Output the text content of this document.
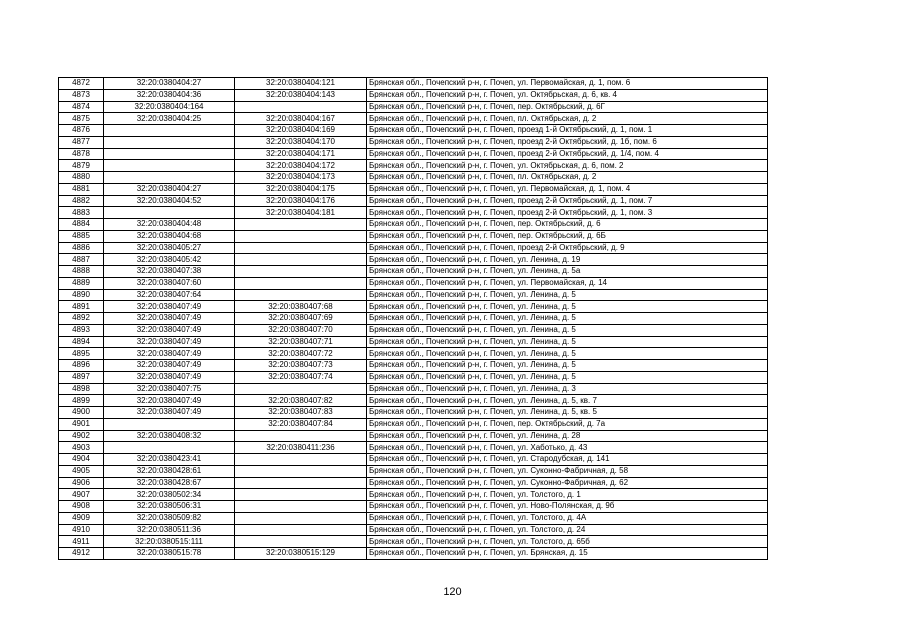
4872	32:20:0380404:27	32:20:0380404:121	Брянская обл., Почепский р-н, г. Почеп, ул. Первомайская, д. 1, пом. 6
4873	32:20:0380404:36	32:20:0380404:143	Брянская обл., Почепский р-н, г. Почеп, ул. Октябрьская, д. 6, кв. 4
4874	32:20:0380404:164		Брянская обл., Почепский р-н, г. Почеп, пер. Октябрьский, д. 6Г
4875	32:20:0380404:25	32:20:0380404:167	Брянская обл., Почепский р-н, г. Почеп, пл. Октябрьская, д. 2
4876		32:20:0380404:169	Брянская обл., Почепский р-н, г. Почеп, проезд 1-й Октябрьский, д. 1, пом. 1
4877		32:20:0380404:170	Брянская обл., Почепский р-н, г. Почеп, проезд 2-й Октябрьский, д. 1б, пом. 6
4878		32:20:0380404:171	Брянская обл., Почепский р-н, г. Почеп, проезд 2-й Октябрьский, д. 1/4, пом. 4
4879		32:20:0380404:172	Брянская обл., Почепский р-н, г. Почеп, ул. Октябрьская, д. 6, пом. 2
4880		32:20:0380404:173	Брянская обл., Почепский р-н, г. Почеп, пл. Октябрьская, д. 2
4881	32:20:0380404:27	32:20:0380404:175	Брянская обл., Почепский р-н, г. Почеп, ул. Первомайская, д. 1, пом. 4
4882	32:20:0380404:52	32:20:0380404:176	Брянская обл., Почепский р-н, г. Почеп, проезд 2-й Октябрьский, д. 1, пом. 7
4883		32:20:0380404:181	Брянская обл., Почепский р-н, г. Почеп, проезд 2-й Октябрьский, д. 1, пом. 3
4884	32:20:0380404:48		Брянская обл., Почепский р-н, г. Почеп, пер. Октябрьский, д. 6
4885	32:20:0380404:68		Брянская обл., Почепский р-н, г. Почеп, пер. Октябрьский, д. 6Б
4886	32:20:0380405:27		Брянская обл., Почепский р-н, г. Почеп, проезд 2-й Октябрьский, д. 9
4887	32:20:0380405:42		Брянская обл., Почепский р-н, г. Почеп, ул. Ленина, д. 19
4888	32:20:0380407:38		Брянская обл., Почепский р-н, г. Почеп, ул. Ленина, д. 5а
4889	32:20:0380407:60		Брянская обл., Почепский р-н, г. Почеп, ул. Первомайская, д. 14
4890	32:20:0380407:64		Брянская обл., Почепский р-н, г. Почеп, ул. Ленина, д. 5
4891	32:20:0380407:49	32:20:0380407:68	Брянская обл., Почепский р-н, г. Почеп, ул. Ленина, д. 5
4892	32:20:0380407:49	32:20:0380407:69	Брянская обл., Почепский р-н, г. Почеп, ул. Ленина, д. 5
4893	32:20:0380407:49	32:20:0380407:70	Брянская обл., Почепский р-н, г. Почеп, ул. Ленина, д. 5
4894	32:20:0380407:49	32:20:0380407:71	Брянская обл., Почепский р-н, г. Почеп, ул. Ленина, д. 5
4895	32:20:0380407:49	32:20:0380407:72	Брянская обл., Почепский р-н, г. Почеп, ул. Ленина, д. 5
4896	32:20:0380407:49	32:20:0380407:73	Брянская обл., Почепский р-н, г. Почеп, ул. Ленина, д. 5
4897	32:20:0380407:49	32:20:0380407:74	Брянская обл., Почепский р-н, г. Почеп, ул. Ленина, д. 5
4898	32:20:0380407:75		Брянская обл., Почепский р-н, г. Почеп, ул. Ленина, д. 3
4899	32:20:0380407:49	32:20:0380407:82	Брянская обл., Почепский р-н, г. Почеп, ул. Ленина, д. 5, кв. 7
4900	32:20:0380407:49	32:20:0380407:83	Брянская обл., Почепский р-н, г. Почеп, ул. Ленина, д. 5, кв. 5
4901		32:20:0380407:84	Брянская обл., Почепский р-н, г. Почеп, пер. Октябрьский, д. 7а
4902	32:20:0380408:32		Брянская обл., Почепский р-н, г. Почеп, ул. Ленина, д. 28
4903		32:20:0380411:236	Брянская обл., Почепский р-н, г. Почеп, ул. Хаботько, д. 43
4904	32:20:0380423:41		Брянская обл., Почепский р-н, г. Почеп, ул. Стародубская, д. 141
4905	32:20:0380428:61		Брянская обл., Почепский р-н, г. Почеп, ул. Суконно-Фабричная, д. 58
4906	32:20:0380428:67		Брянская обл., Почепский р-н, г. Почеп, ул. Суконно-Фабричная, д. 62
4907	32:20:0380502:34		Брянская обл., Почепский р-н, г. Почеп, ул. Толстого, д. 1
4908	32:20:0380506:31		Брянская обл., Почепский р-н, г. Почеп, ул. Ново-Полянская, д. 9б
4909	32:20:0380509:82		Брянская обл., Почепский р-н, г. Почеп, ул. Толстого, д. 4А
4910	32:20:0380511:36		Брянская обл., Почепский р-н, г. Почеп, ул. Толстого, д. 24
4911	32:20:0380515:111		Брянская обл., Почепский р-н, г. Почеп, ул. Толстого, д. 65б
4912	32:20:0380515:78	32:20:0380515:129	Брянская обл., Почепский р-н, г. Почеп, ул. Брянская, д. 15
120
